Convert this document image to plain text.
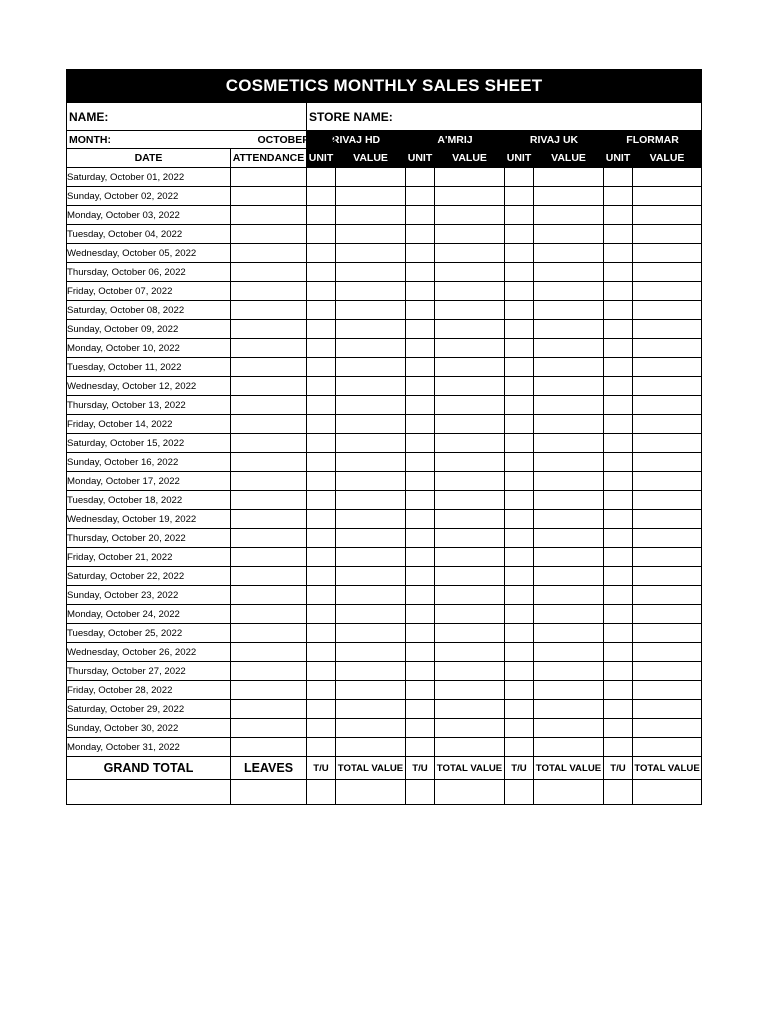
COSMETICS MONTHLY SALES SHEET									
NAME:		STORE NAME:							
MONTH: OCTOBER-2022		RIVAJ HD		A'MRIJ		RIVAJ UK		FLORMAR	
DATE	ATTENDANCE	UNIT	VALUE	UNIT	VALUE	UNIT	VALUE	UNIT	VALUE
Saturday, October 01, 2022									
Sunday, October 02, 2022									
Monday, October 03, 2022									
Tuesday, October 04, 2022									
Wednesday, October 05, 2022									
Thursday, October 06, 2022									
Friday, October 07, 2022									
Saturday, October 08, 2022									
Sunday, October 09, 2022									
Monday, October 10, 2022									
Tuesday, October 11, 2022									
Wednesday, October 12, 2022									
Thursday, October 13, 2022									
Friday, October 14, 2022									
Saturday, October 15, 2022									
Sunday, October 16, 2022									
Monday, October 17, 2022									
Tuesday, October 18, 2022									
Wednesday, October 19, 2022									
Thursday, October 20, 2022									
Friday, October 21, 2022									
Saturday, October 22, 2022									
Sunday, October 23, 2022									
Monday, October 24, 2022									
Tuesday, October 25, 2022									
Wednesday, October 26, 2022									
Thursday, October 27, 2022									
Friday, October 28, 2022									
Saturday, October 29, 2022									
Sunday, October 30, 2022									
Monday, October 31, 2022									
GRAND TOTAL	LEAVES	T/U	TOTAL VALUE	T/U	TOTAL VALUE	T/U	TOTAL VALUE	T/U	TOTAL VALUE
